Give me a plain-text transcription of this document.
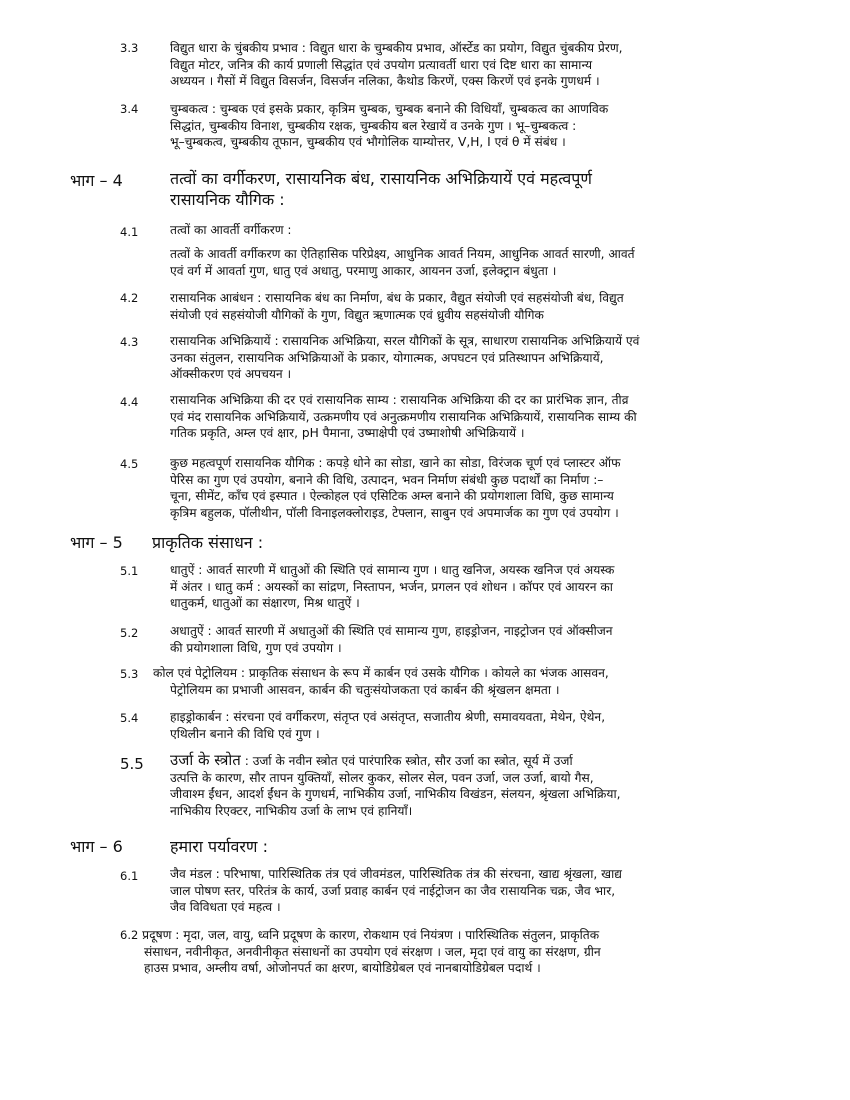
3.3	विद्युत धारा के चुंबकीय प्रभाव : विद्युत धारा के चुम्बकीय प्रभाव, ऑर्स्टेड का प्रयोग, विद्युत चुंबकीय प्रेरण,
विद्युत मोटर, जनित्र की कार्य प्रणाली सिद्धांत एवं उपयोग प्रत्यावर्ती धारा एवं दिष्ट धारा का सामान्य
अध्ययन । गैसों में विद्युत विसर्जन, विसर्जन नलिका, कैथोड किरणें, एक्स किरणें एवं इनके गुणधर्म ।
3.4	चुम्बकत्व : चुम्बक एवं इसके प्रकार, कृत्रिम चुम्बक, चुम्बक बनाने की विधियाँ, चुम्बकत्व का आणविक
सिद्धांत, चुम्बकीय विनाश, चुम्बकीय रक्षक, चुम्बकीय बल रेखायें व उनके गुण । भू–चुम्बकत्व :
भू–चुम्बकत्व, चुम्बकीय तूफान, चुम्बकीय एवं भौगोलिक याम्योत्तर, V,H, I एवं θ में संबंध ।
भाग – 4	तत्वों का वर्गीकरण, रासायनिक बंध, रासायनिक अभिक्रियायें एवं महत्वपूर्ण
रासायनिक यौगिक :
4.1	तत्वों का आवर्ती वर्गीकरण :
तत्वों के आवर्ती वर्गीकरण का ऐतिहासिक परिप्रेक्ष्य, आधुनिक आवर्त नियम, आधुनिक आवर्त सारणी, आवर्त
एवं वर्ग में आवर्ता गुण, धातु एवं अधातु, परमाणु आकार, आयनन उर्जा, इलेक्ट्रान बंधुता ।
4.2	रासायनिक आबंधन : रासायनिक बंध का निर्माण, बंध के प्रकार, वैद्युत संयोजी एवं सहसंयोजी बंध, विद्युत
संयोजी एवं सहसंयोजी यौगिकों के गुण, विद्युत ऋणात्मक एवं ध्रुवीय सहसंयोजी यौगिक
4.3	रासायनिक अभिक्रियायें : रासायनिक अभिक्रिया, सरल यौगिकों के सूत्र, साधारण रासायनिक अभिक्रियायें एवं
उनका संतुलन, रासायनिक अभिक्रियाओं के प्रकार, योगात्मक, अपघटन एवं प्रतिस्थापन अभिक्रियायें,
ऑक्सीकरण एवं अपचयन ।
4.4	रासायनिक अभिक्रिया की दर एवं रासायनिक साम्य : रासायनिक अभिक्रिया की दर का प्रारंभिक ज्ञान, तीव्र
एवं मंद रासायनिक अभिक्रियायें, उत्क्रमणीय एवं अनुत्क्रमणीय रासायनिक अभिक्रियायें, रासायनिक साम्य की
गतिक प्रकृति, अम्ल एवं क्षार, pH पैमाना, उष्माक्षेपी एवं उष्माशोषी अभिक्रियायें ।
4.5	कुछ महत्वपूर्ण रासायनिक यौगिक : कपड़े धोने का सोडा, खाने का सोडा, विरंजक चूर्ण एवं प्लास्टर ऑफ
पेरिस का गुण एवं उपयोग, बनाने की विधि, उत्पादन, भवन निर्माण संबंधी कुछ पदार्थों का निर्माण :–
चूना, सीमेंट, काँच एवं इस्पात । ऐल्कोहल एवं एसिटिक अम्ल बनाने की प्रयोगशाला विधि, कुछ सामान्य
कृत्रिम बहुलक, पॉलीथीन, पॉली विनाइलक्लोराइड, टेफ्लान, साबुन एवं अपमार्जक का गुण एवं उपयोग ।
भाग – 5 प्राकृतिक संसाधन :
5.1	धातुऐं : आवर्त सारणी में धातुओं की स्थिति एवं सामान्य गुण । धातु खनिज, अयस्क खनिज एवं अयस्क
में अंतर । धातु कर्म : अयस्कों का सांद्रण, निस्तापन, भर्जन, प्रगलन एवं शोधन । कॉपर एवं आयरन का
धातुकर्म, धातुओं का संक्षारण, मिश्र धातुऐं ।
5.2	अधातुऐं : आवर्त सारणी में अधातुओं की स्थिति एवं सामान्य गुण, हाइड्रोजन, नाइट्रोजन एवं ऑक्सीजन
की प्रयोगशाला विधि, गुण एवं उपयोग ।
5.3 कोल एवं पेट्रोलियम : प्राकृतिक संसाधन के रूप में कार्बन एवं उसके यौगिक । कोयले का भंजक आसवन,
पेट्रोलियम का प्रभाजी आसवन, कार्बन की चतुःसंयोजकता एवं कार्बन की श्रृंखलन क्षमता ।
5.4	हाइड्रोकार्बन : संरचना एवं वर्गीकरण, संतृप्त एवं असंतृप्त, सजातीय श्रेणी, समावयवता, मेथेन, ऐथेन,
एथिलीन बनाने की विधि एवं गुण ।
5.5 उर्जा के स्त्रोत : उर्जा के नवीन स्त्रोत एवं पारंपारिक स्त्रोत, सौर उर्जा का स्त्रोत, सूर्य में उर्जा
उत्पत्ति के कारण, सौर तापन युक्तियाँ, सोलर कुकर, सोलर सेल, पवन उर्जा, जल उर्जा, बायो गैस,
जीवाश्म ईंधन, आदर्श ईंधन के गुणधर्म, नाभिकीय उर्जा, नाभिकीय विखंडन, संलयन, श्रृंखला अभिक्रिया,
नाभिकीय रिएक्टर, नाभिकीय उर्जा के लाभ एवं हानियाँ।
भाग – 6	हमारा पर्यावरण :
6.1	जैव मंडल : परिभाषा, पारिस्थितिक तंत्र एवं जीवमंडल, पारिस्थितिक तंत्र की संरचना, खाद्य श्रृंखला, खाद्य
जाल पोषण स्तर, परितंत्र के कार्य, उर्जा प्रवाह कार्बन एवं नाईट्रोजन का जैव रासायनिक चक्र, जैव भार,
जैव विविधता एवं महत्व ।
6.2 प्रदूषण : मृदा, जल, वायु, ध्वनि प्रदूषण के कारण, रोकथाम एवं नियंत्रण । पारिस्थितिक संतुलन, प्राकृतिक
संसाधन, नवीनीकृत, अनवीनीकृत संसाधनों का उपयोग एवं संरक्षण । जल, मृदा एवं वायु का संरक्षण, ग्रीन
हाउस प्रभाव, अम्लीय वर्षा, ओजोनपर्त का क्षरण, बायोडिग्रेबल एवं नानबायोडिग्रेबल पदार्थ ।
